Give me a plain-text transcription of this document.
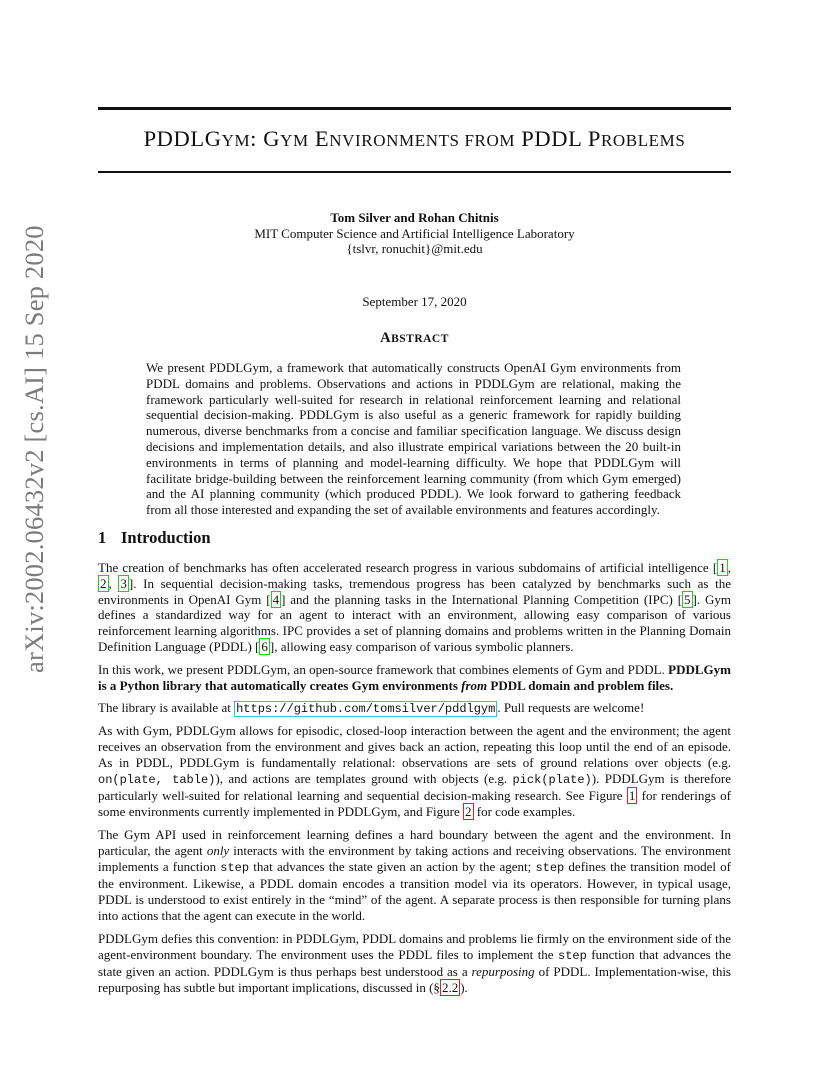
PDDLGYM: GYM ENVIRONMENTS FROM PDDL PROBLEMS
Tom Silver and Rohan Chitnis
MIT Computer Science and Artificial Intelligence Laboratory
{tslvr, ronuchit}@mit.edu
September 17, 2020
ABSTRACT
We present PDDLGym, a framework that automatically constructs OpenAI Gym environments from PDDL domains and problems. Observations and actions in PDDLGym are relational, making the framework particularly well-suited for research in relational reinforcement learning and relational sequential decision-making. PDDLGym is also useful as a generic framework for rapidly building numerous, diverse benchmarks from a concise and familiar specification language. We discuss design decisions and implementation details, and also illustrate empirical variations between the 20 built-in environments in terms of planning and model-learning difficulty. We hope that PDDLGym will facilitate bridge-building between the reinforcement learning community (from which Gym emerged) and the AI planning community (which produced PDDL). We look forward to gathering feedback from all those interested and expanding the set of available environments and features accordingly.
arXiv:2002.06432v2 [cs.AI] 15 Sep 2020	1 Introduction

The creation of benchmarks has often accelerated research progress in various subdomains of artificial intelligence [ 1 , 2 , 3 ]. In sequential decision-making tasks, tremendous progress has been catalyzed by benchmarks such as the environments in OpenAI Gym [ 4 ] and the planning tasks in the International Planning Competition (IPC) [ 5 ]. Gym defines a standardized way for an agent to interact with an environment, allowing easy comparison of various reinforcement learning algorithms. IPC provides a set of planning domains and problems written in the Planning Domain Definition Language (PDDL) [ 6 ], allowing easy comparison of various symbolic planners.

In this work, we present PDDLGym, an open-source framework that combines elements of Gym and PDDL. PDDLGym is a Python library that automatically creates Gym environments from PDDL domain and problem files.

The library is available at https://github.com/tomsilver/pddlgym . Pull requests are welcome!

As with Gym, PDDLGym allows for episodic, closed-loop interaction between the agent and the environment; the agent receives an observation from the environment and gives back an action, repeating this loop until the end of an episode. As in PDDL, PDDLGym is fundamentally relational: observations are sets of ground relations over objects (e.g. on(plate, table)), and actions are templates ground with objects (e.g. pick(plate)). PDDLGym is therefore particularly well-suited for relational learning and sequential decision-making research. See Figure 1 for renderings of some environments currently implemented in PDDLGym, and Figure 2 for code examples.

The Gym API used in reinforcement learning defines a hard boundary between the agent and the environment. In particular, the agent only interacts with the environment by taking actions and receiving observations. The environment implements a function step that advances the state given an action by the agent; step defines the transition model of the environment. Likewise, a PDDL domain encodes a transition model via its operators. However, in typical usage, PDDL is understood to exist entirely in the “mind” of the agent. A separate process is then responsible for turning plans into actions that the agent can execute in the world.

PDDLGym defies this convention: in PDDLGym, PDDL domains and problems lie firmly on the environment side of the agent-environment boundary. The environment uses the PDDL files to implement the step function that advances the state given an action. PDDLGym is thus perhaps best understood as a repurposing of PDDL. Implementation-wise, this repurposing has subtle but important implications, discussed in (§ 2.2 ).
